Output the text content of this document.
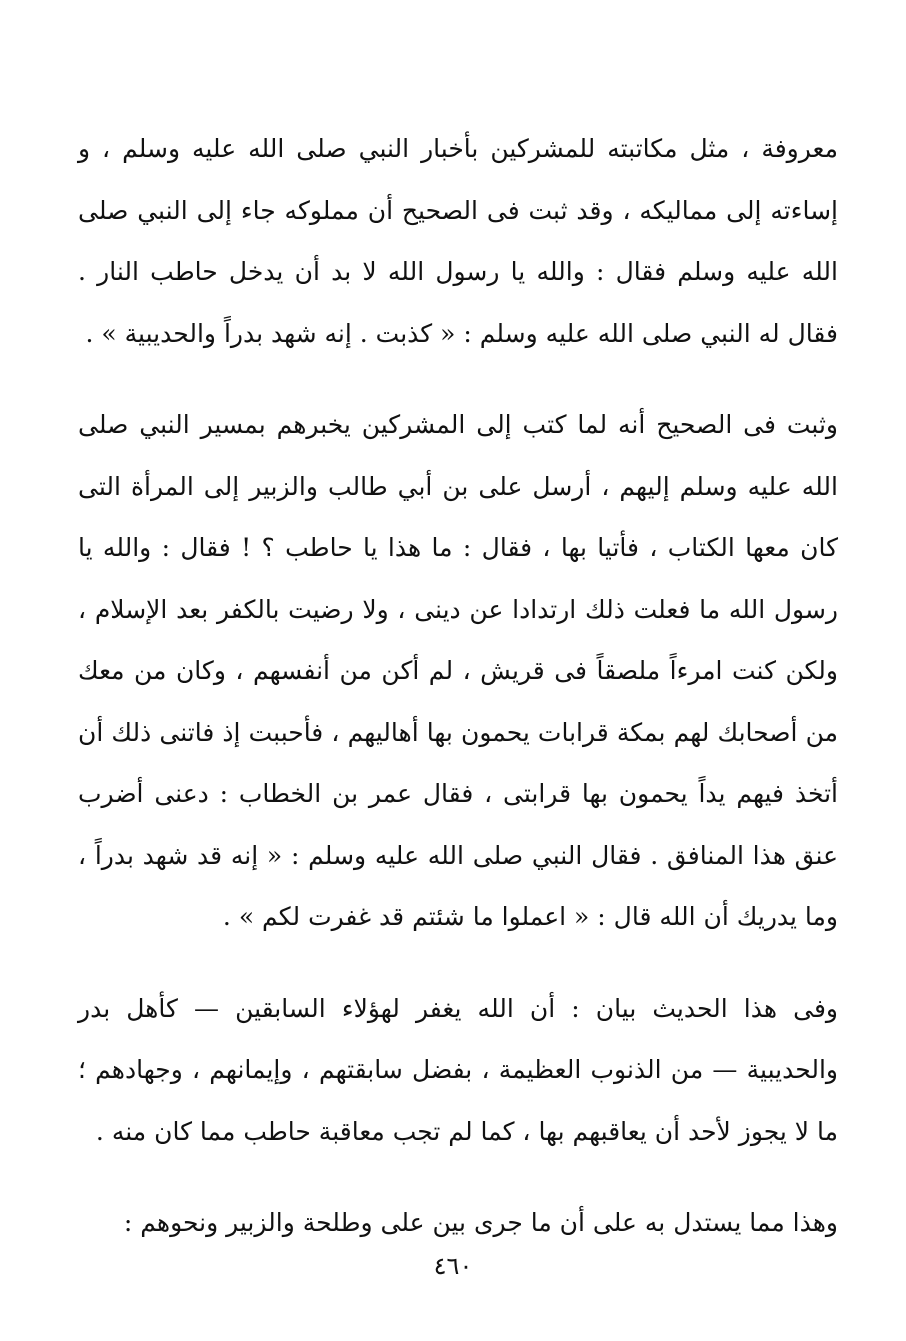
معروفة ، مثل مكاتبته للمشركين بأخبار النبي صلى الله عليه وسلم ، و إساءته إلى مماليكه ، وقد ثبت فى الصحيح أن مملوكه جاء إلى النبي صلى الله عليه وسلم فقال : والله يا رسول الله لا بد أن يدخل حاطب النار . فقال له النبي صلى الله عليه وسلم : « كذبت . إنه شهد بدراً والحديبية » .

وثبت فى الصحيح أنه لما كتب إلى المشركين يخبرهم بمسير النبي صلى الله عليه وسلم إليهم ، أرسل على بن أبي طالب والزبير إلى المرأة التى كان معها الكتاب ، فأتيا بها ، فقال : ما هذا يا حاطب ؟ ! فقال : والله يا رسول الله ما فعلت ذلك ارتدادا عن دينى ، ولا رضيت بالكفر بعد الإسلام ، ولكن كنت امرءاً ملصقاً فى قريش ، لم أكن من أنفسهم ، وكان من معك من أصحابك لهم بمكة قرابات يحمون بها أهاليهم ، فأحببت إذ فاتنى ذلك أن أتخذ فيهم يداً يحمون بها قرابتى ، فقال عمر بن الخطاب : دعنى أضرب عنق هذا المنافق . فقال النبي صلى الله عليه وسلم : « إنه قد شهد بدراً ، وما يدريك أن الله قال : « اعملوا ما شئتم قد غفرت لكم » .

وفى هذا الحديث بيان : أن الله يغفر لهؤلاء السابقين — كأهل بدر والحديبية — من الذنوب العظيمة ، بفضل سابقتهم ، وإيمانهم ، وجهادهم ؛ ما لا يجوز لأحد أن يعاقبهم بها ، كما لم تجب معاقبة حاطب مما كان منه .

وهذا مما يستدل به على أن ما جرى بين على وطلحة والزبير ونحوهم :

٤٦٠
